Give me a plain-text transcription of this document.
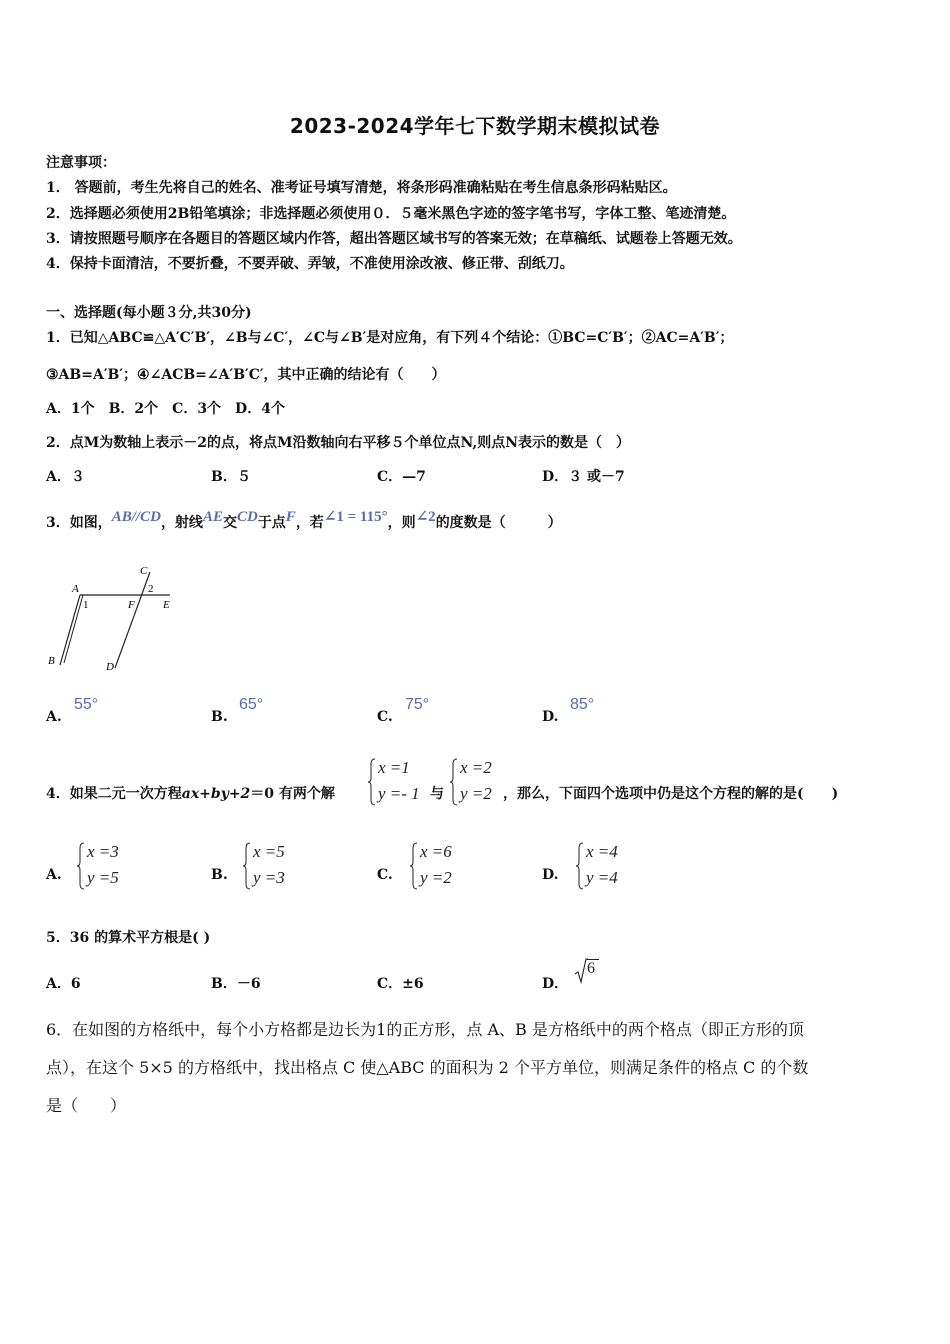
2023-2024学年七下数学期末模拟试卷
注意事项：
1． 答题前，考生先将自己的姓名、准考证号填写清楚，将条形码准确粘贴在考生信息条形码粘贴区。
2．选择题必须使用2B铅笔填涂；非选择题必须使用０．５毫米黑色字迹的签字笔书写，字体工整、笔迹清楚。
3．请按照题号顺序在各题目的答题区域内作答，超出答题区域书写的答案无效；在草稿纸、试题卷上答题无效。
4．保持卡面清洁，不要折叠，不要弄破、弄皱，不准使用涂改液、修正带、刮纸刀。
一、选择题(每小题３分,共30分)
1．已知△ABC≌△A′C′B′，∠B与∠C′，∠C与∠B′是对应角，有下列４个结论：①BC=C′B′；②AC=A′B′；
③AB=A′B′；④∠ACB=∠A′B′C′，其中正确的结论有（　　）
A．1个　B．2个　C．3个　D．4个
2．点M为数轴上表示－2的点，将点M沿数轴向右平移５个单位点N,则点N表示的数是（　）
A．３	B．５	C．—7	D．３ 或－7
3．如图，AB//CD，射线AE交CD于点F，若∠1 = 115°，则∠2的度数是（　　　）
C
A
1
2
F	E
B	D
A.
55°
B.
65°
C.
75°
D.
85°
4．如果二元一次方程ax+by+2＝0 有两个解
x =1
y =- 1 与
x =2
y =2 ，那么，下面四个选项中仍是这个方程的解的是(　　)
A.
x =3
y =5	B.
x =5
y =3	C.
x =6
y =2	D.
x =4
y =4
5．36 的算术平方根是( )
A．6	B．－6	C．±6	D．
6
6．在如图的方格纸中，每个小方格都是边长为1的正方形，点 A、B 是方格纸中的两个格点（即正方形的顶
点），在这个 5×5 的方格纸中，找出格点 C 使△ABC 的面积为 2 个平方单位，则满足条件的格点 C 的个数
是（　　）
